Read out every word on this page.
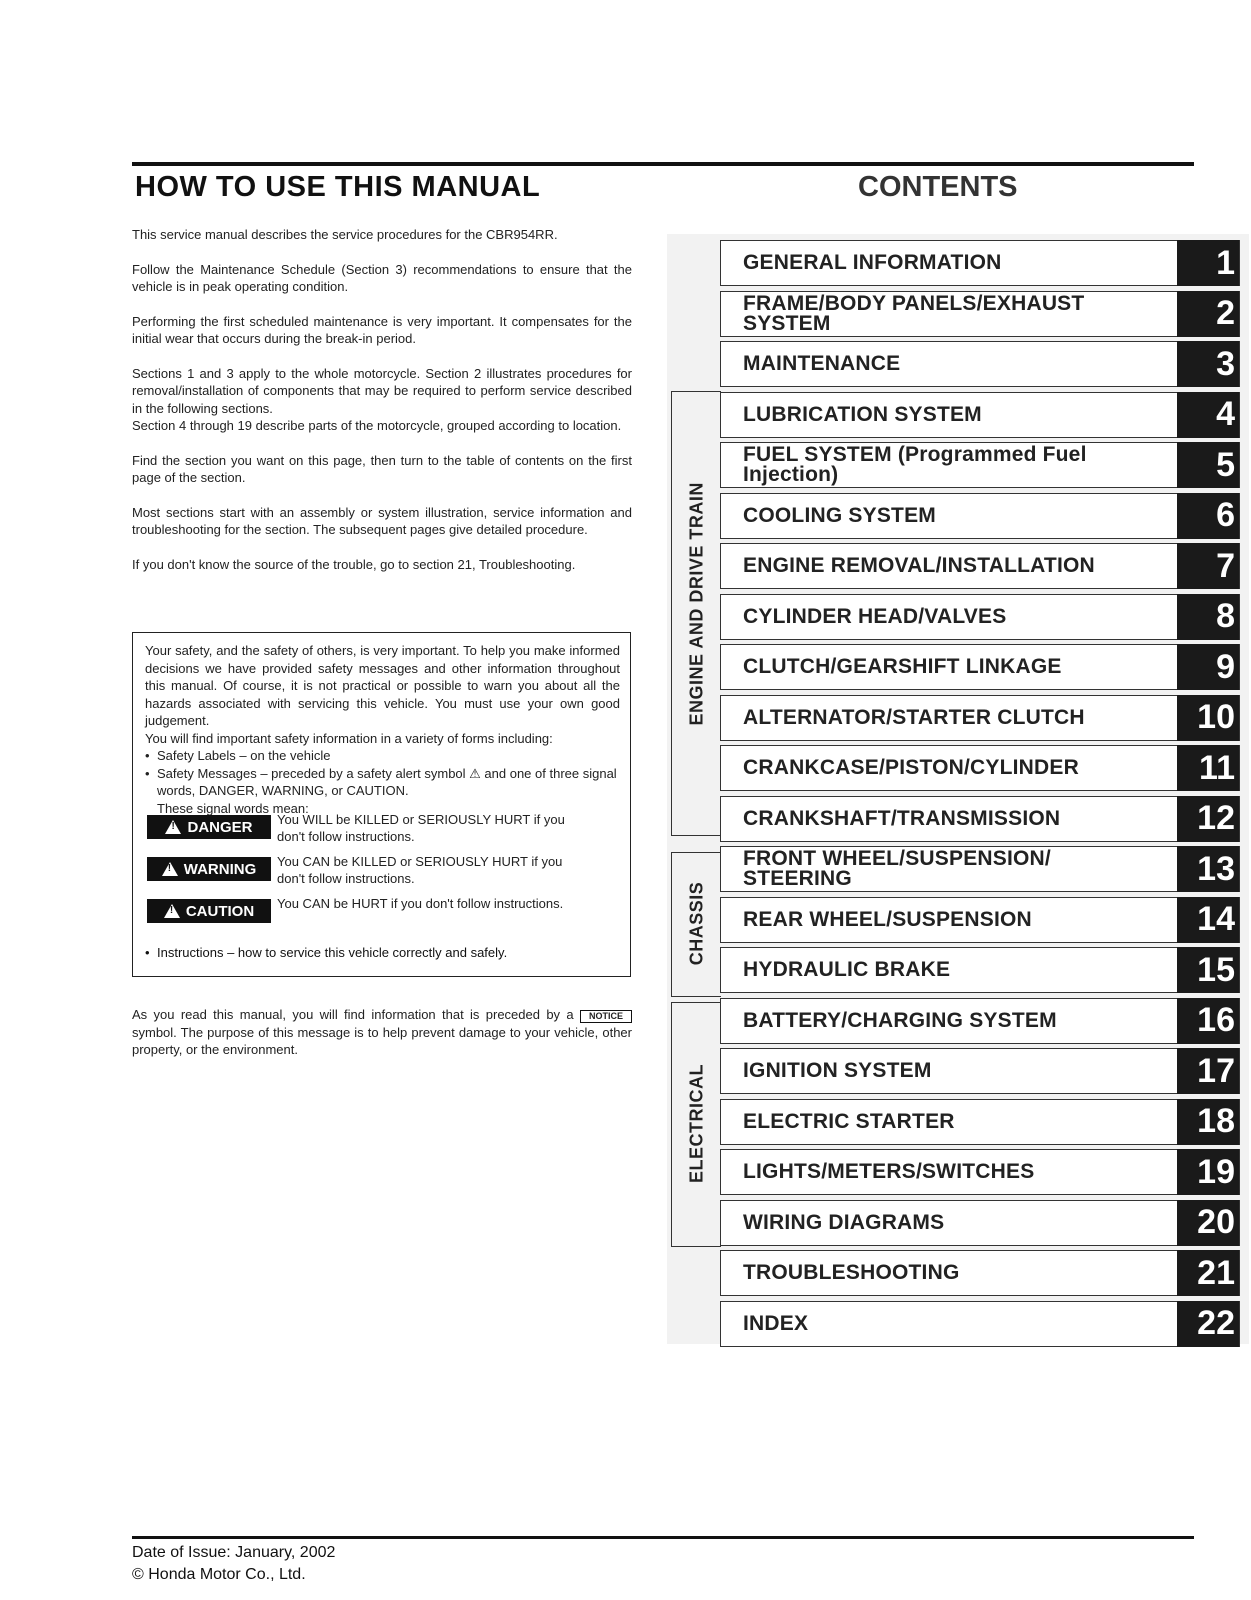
HOW TO USE THIS MANUAL	CONTENTS

This service manual describes the service procedures for the CBR954RR.

Follow the Maintenance Schedule (Section 3) recommendations to ensure that the vehicle is in peak operating condition.

Performing the first scheduled maintenance is very important. It compensates for the initial wear that occurs during the break-in period.

Sections 1 and 3 apply to the whole motorcycle. Section 2 illustrates procedures for removal/installation of components that may be required to perform service described in the following sections.

Section 4 through 19 describe parts of the motorcycle, grouped according to location.

Find the section you want on this page, then turn to the table of contents on the first page of the section.

Most sections start with an assembly or system illustration, service information and troubleshooting for the section. The subsequent pages give detailed procedure.

If you don't know the source of the trouble, go to section 21, Troubleshooting.

Your safety, and the safety of others, is very important. To help you make informed decisions we have provided safety messages and other information throughout this manual. Of course, it is not practical or possible to warn you about all the hazards associated with servicing this vehicle. You must use your own good judgement.

You will find important safety information in a variety of forms including:

• Safety Labels – on the vehicle
• Safety Messages – preceded by a safety alert symbol ⚠ and one of three signal words, DANGER, WARNING, or CAUTION.

These signal words mean:

!
DANGER You WILL be KILLED or SERIOUSLY HURT if you don't follow instructions.
!
WARNING You CAN be KILLED or SERIOUSLY HURT if you don't follow instructions.
!
CAUTION You CAN be HURT if you don't follow instructions.
• Instructions – how to service this vehicle correctly and safely.
As you read this manual, you will find information that is preceded by a NOTICE symbol. The purpose of this message is to help prevent damage to your vehicle, other property, or the environment.
ENGINE AND DRIVE TRAIN
CHASSIS
ELECTRICAL
GENERAL INFORMATION	1
FRAME/BODY PANELS/EXHAUST SYSTEM	2
MAINTENANCE	3
LUBRICATION SYSTEM	4
FUEL SYSTEM (Programmed Fuel Injection)	5
COOLING SYSTEM	6
ENGINE REMOVAL/INSTALLATION	7
CYLINDER HEAD/VALVES	8
CLUTCH/GEARSHIFT LINKAGE	9
ALTERNATOR/STARTER CLUTCH	10
CRANKCASE/PISTON/CYLINDER	11
CRANKSHAFT/TRANSMISSION	12
FRONT WHEEL/SUSPENSION/ STEERING	13
REAR WHEEL/SUSPENSION	14
HYDRAULIC BRAKE	15
BATTERY/CHARGING SYSTEM	16
IGNITION SYSTEM	17
ELECTRIC STARTER	18
LIGHTS/METERS/SWITCHES	19
WIRING DIAGRAMS	20
TROUBLESHOOTING	21
INDEX	22
Date of Issue: January, 2002
© Honda Motor Co., Ltd.
